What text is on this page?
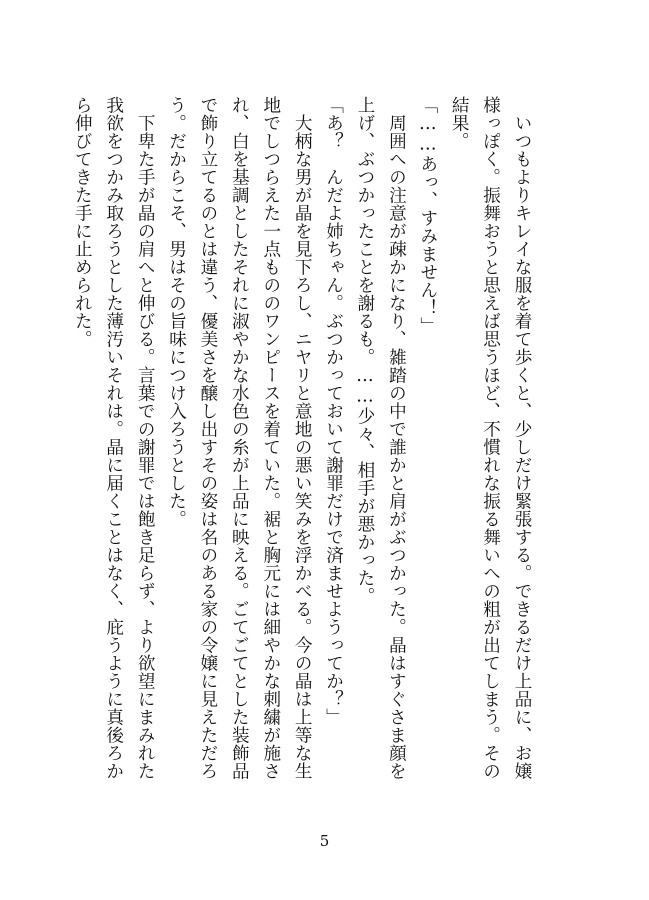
いつもよりキレイな服を着て歩くと、少しだけ緊張する。できるだけ上品に、お嬢様っぽく。振舞おうと思えば思うほど、不慣れな振る舞いへの粗が出てしまう。その結果。

「……あっ、すみません！」

周囲への注意が疎かになり、雑踏の中で誰かと肩がぶつかった。晶はすぐさま顔を上げ、ぶつかったことを謝るも。……少々、相手が悪かった。

「あ？　んだよ姉ちゃん。ぶつかっておいて謝罪だけで済ませようってか？」

大柄な男が晶を見下ろし、ニヤリと意地の悪い笑みを浮かべる。今の晶は上等な生地でしつらえた一点もののワンピースを着ていた。裾と胸元には細やかな刺繍が施され、白を基調としたそれに淑やかな水色の糸が上品に映える。ごてごてとした装飾品で飾り立てるのとは違う、優美さを醸し出すその姿は名のある家の令嬢に見えただろう。だからこそ、男はその旨味につけ入ろうとした。

下卑た手が晶の肩へと伸びる。言葉での謝罪では飽き足らず、より欲望にまみれた我欲をつかみ取ろうとした薄汚いそれは。晶に届くことはなく、庇うように真後ろから伸びてきた手に止められた。

5
